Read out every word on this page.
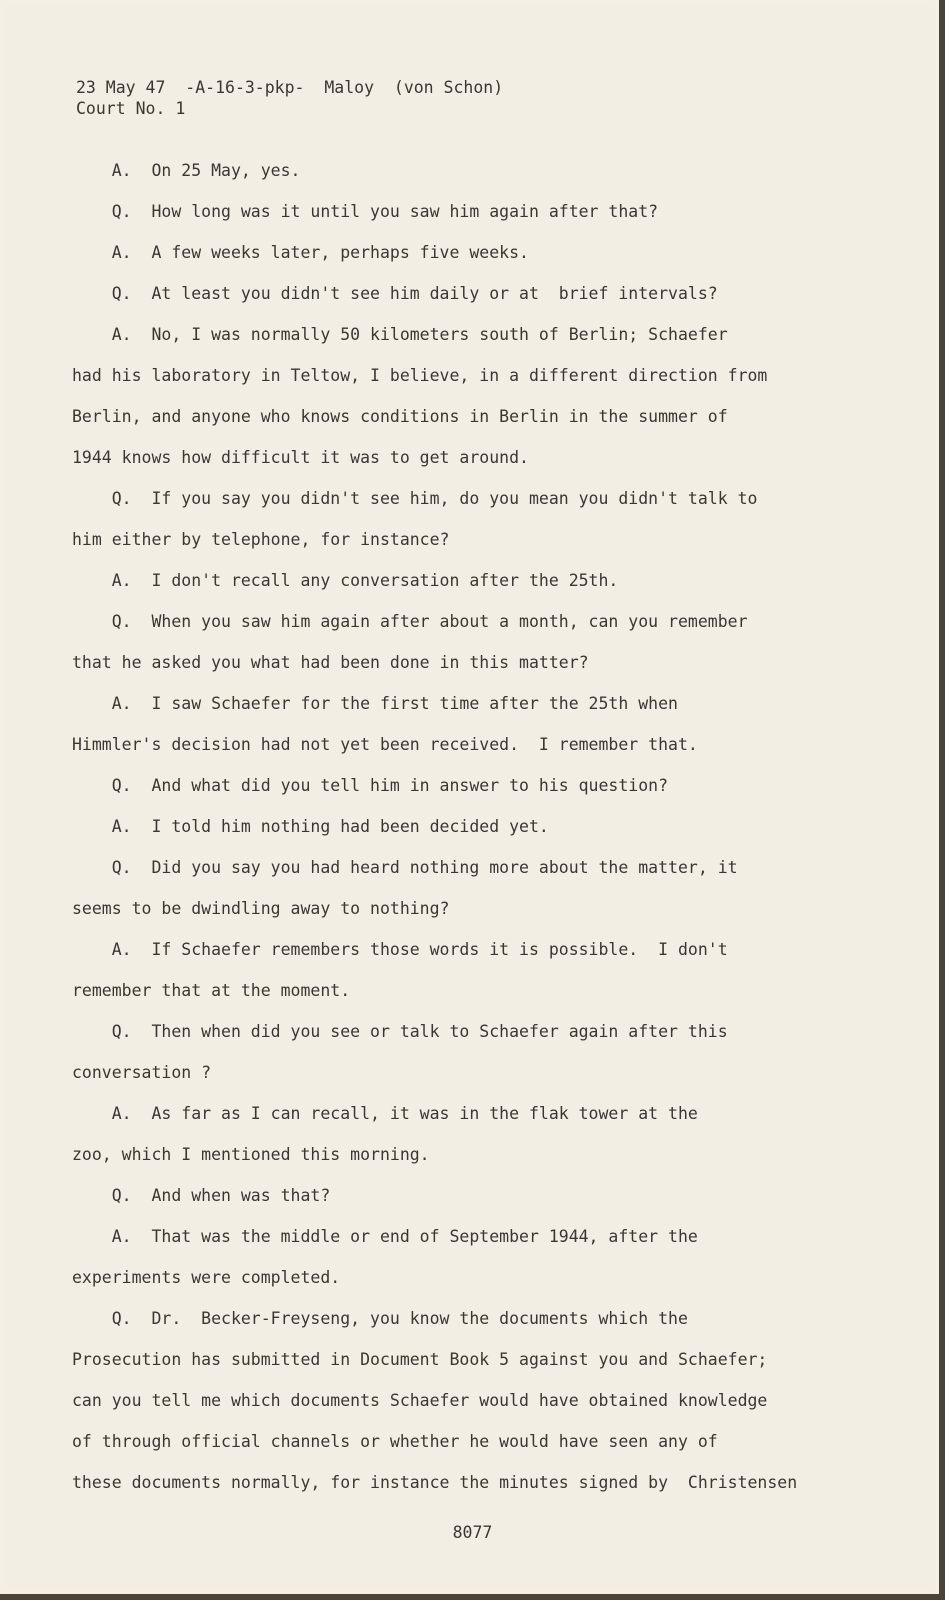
23 May 47  -A-16-3-pkp-  Maloy  (von Schon)
Court No. 1
A.  On 25 May, yes.
Q.  How long was it until you saw him again after that?
A.  A few weeks later, perhaps five weeks.
Q.  At least you didn't see him daily or at  brief intervals?
A.  No, I was normally 50 kilometers south of Berlin; Schaefer
had his laboratory in Teltow, I believe, in a different direction from
Berlin, and anyone who knows conditions in Berlin in the summer of
1944 knows how difficult it was to get around.
Q.  If you say you didn't see him, do you mean you didn't talk to
him either by telephone, for instance?
A.  I don't recall any conversation after the 25th.
Q.  When you saw him again after about a month, can you remember
that he asked you what had been done in this matter?
A.  I saw Schaefer for the first time after the 25th when
Himmler's decision had not yet been received.  I remember that.
Q.  And what did you tell him in answer to his question?
A.  I told him nothing had been decided yet.
Q.  Did you say you had heard nothing more about the matter, it
seems to be dwindling away to nothing?
A.  If Schaefer remembers those words it is possible.  I don't
remember that at the moment.
Q.  Then when did you see or talk to Schaefer again after this
conversation ?
A.  As far as I can recall, it was in the flak tower at the
zoo, which I mentioned this morning.
Q.  And when was that?
A.  That was the middle or end of September 1944, after the
experiments were completed.
Q.  Dr.  Becker-Freyseng, you know the documents which the
Prosecution has submitted in Document Book 5 against you and Schaefer;
can you tell me which documents Schaefer would have obtained knowledge
of through official channels or whether he would have seen any of
these documents normally, for instance the minutes signed by  Christensen
8077
